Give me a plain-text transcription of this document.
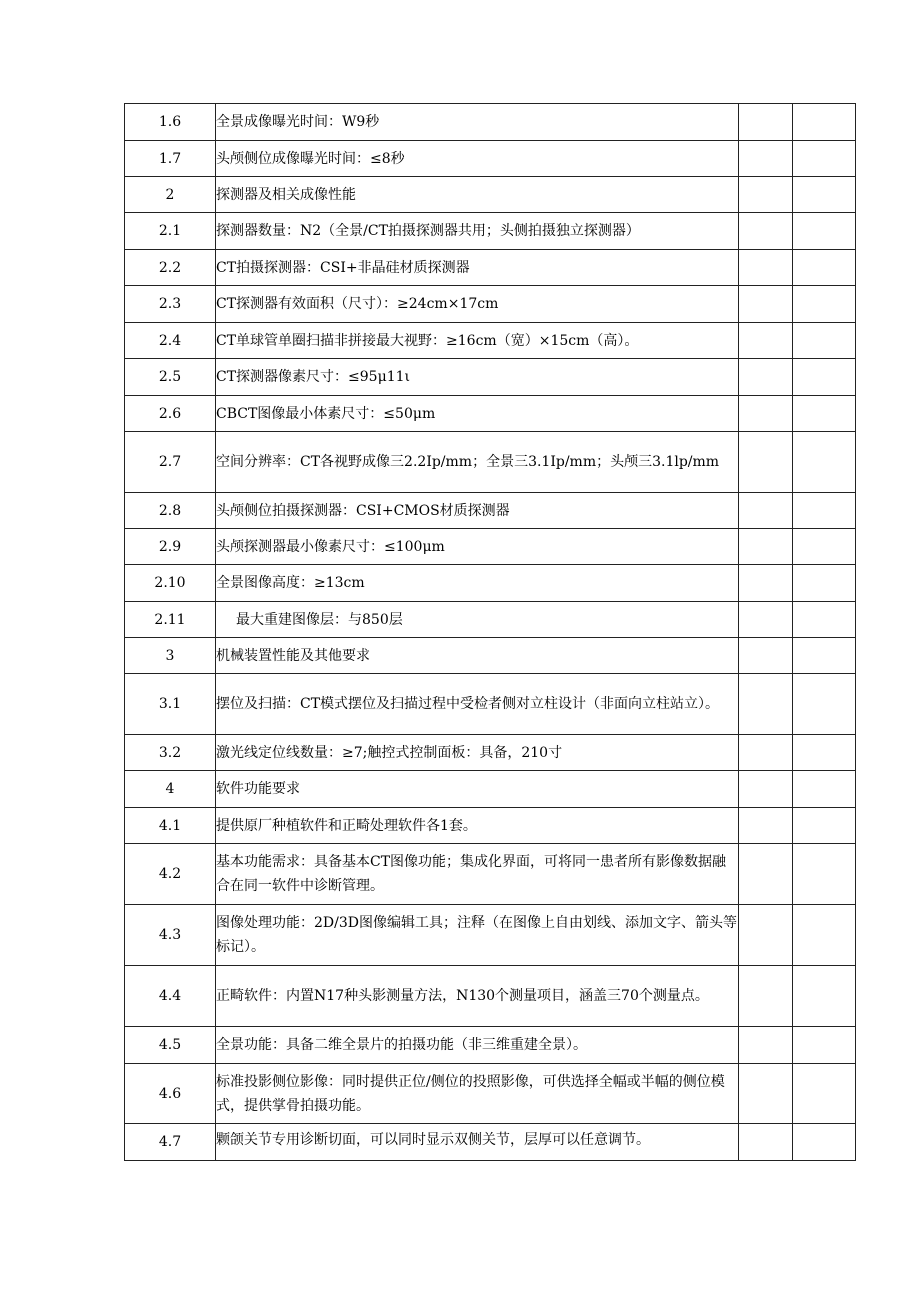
1.6	全景成像曝光时间：W9秒		

1.7	头颅侧位成像曝光时间：≤8秒		

2	探测器及相关成像性能		

2.1	探测器数量：N2（全景/CT拍摄探测器共用；头侧拍摄独立探测器）		

2.2	CT拍摄探测器：CSI+非晶硅材质探测器		

2.3	CT探测器有效面积（尺寸）：≥24cm×17cm		

2.4	CT单球管单圈扫描非拼接最大视野：≥16cm（宽）×15cm（高）。		

2.5	CT探测器像素尺寸：≤95μ11ι		

2.6	CBCT图像最小体素尺寸：≤50μm		

2.7	空间分辨率：CT各视野成像三2.2Ip/mm；全景三3.1Ip/mm；头颅三3.1lp/mm		

2.8	头颅侧位拍摄探测器：CSI+CMOS材质探测器		

2.9	头颅探测器最小像素尺寸：≤100μm		

2.10	全景图像高度：≥13cm		

2.11	最大重建图像层：与850层		

3	机械装置性能及其他要求		

3.1	摆位及扫描：CT模式摆位及扫描过程中受检者侧对立柱设计（非面向立柱站立）。		

3.2	激光线定位线数量：≥7;触控式控制面板：具备，210寸		

4	软件功能要求		

4.1	提供原厂种植软件和正畸处理软件各1套。		

4.2	基本功能需求：具备基本CT图像功能；集成化界面，可将同一患者所有影像数据融合在同一软件中诊断管理。		

4.3	图像处理功能：2D/3D图像编辑工具；注释（在图像上自由划线、添加文字、箭头等标记）。		

4.4	正畸软件：内置N17种头影测量方法，N130个测量项目，涵盖三70个测量点。		

4.5	全景功能：具备二维全景片的拍摄功能（非三维重建全景）。		

4.6	标准投影侧位影像：同时提供正位/侧位的投照影像，可供选择全幅或半幅的侧位模式，提供掌骨拍摄功能。		

4.7	颗颌关节专用诊断切面，可以同时显示双侧关节，层厚可以任意调节。		
